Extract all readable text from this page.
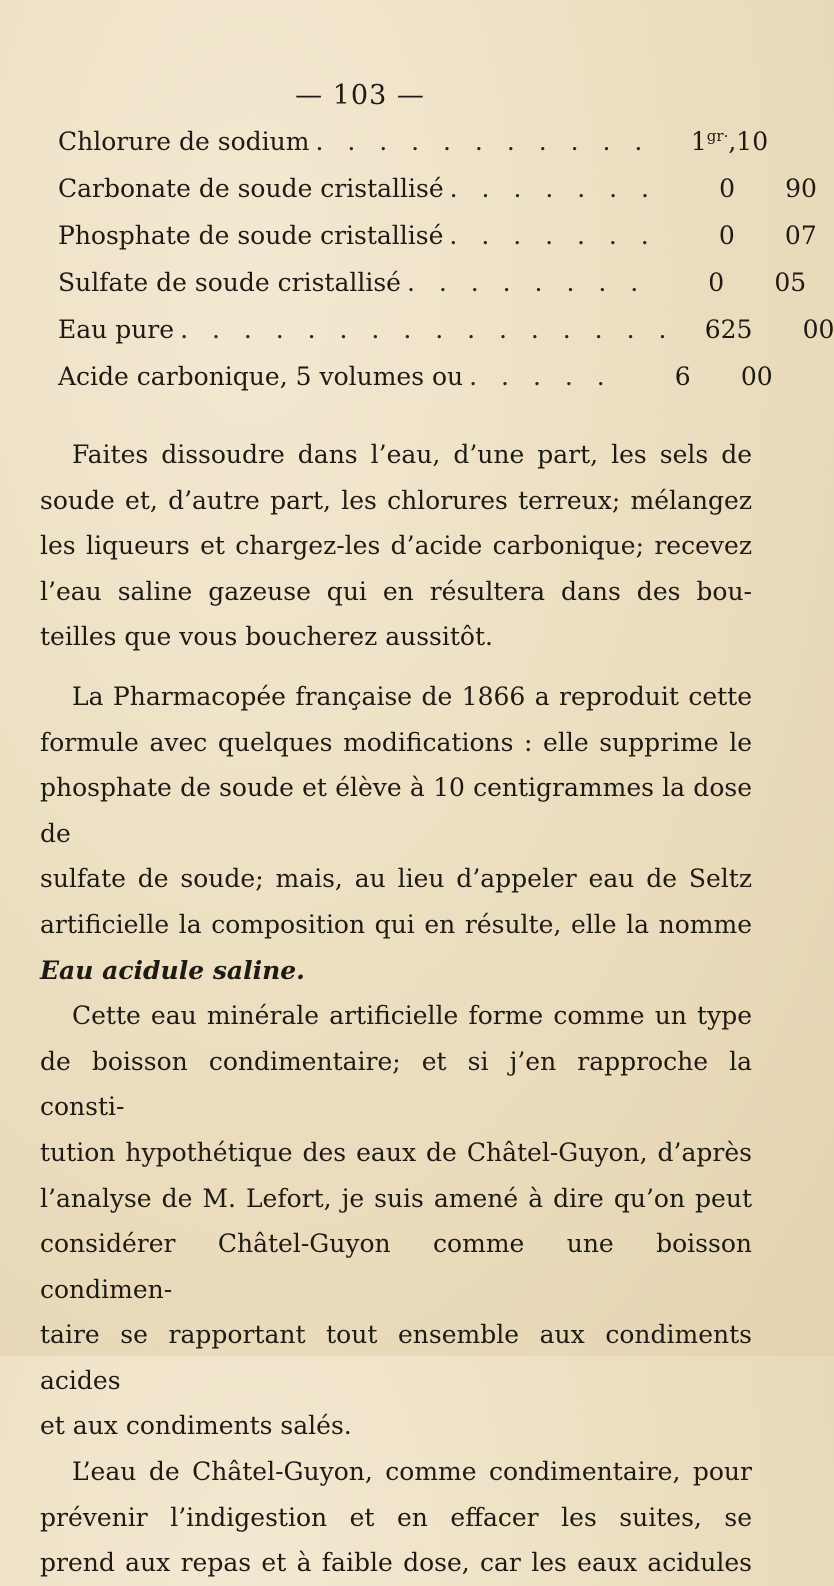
— 103 —
Chlorure de sodium . . . . . . . . . . .	$1^{gr\cdot}$ ,10
Carbonate de soude cristallisé . . . . . . .	0	90
Phosphate de soude cristallisé . . . . . . .	0	07
Sulfate de soude cristallisé . . . . . . . .	0	05
Eau pure . . . . . . . . . . . . . . . .	625	00
Acide carbonique, 5 volumes ou . . . . .	6	00
Faites dissoudre dans l’eau, d’une part, les sels de
soude et, d’autre part, les chlorures terreux; mélangez
les liqueurs et chargez-les d’acide carbonique; recevez
l’eau saline gazeuse qui en résultera dans des bou-
teilles que vous boucherez aussitôt.
La Pharmacopée française de 1866 a reproduit cette
formule avec quelques modifications : elle supprime le
phosphate de soude et élève à 10 centigrammes la dose de
sulfate de soude; mais, au lieu d’appeler eau de Seltz
artificielle la composition qui en résulte, elle la nomme
Eau acidule saline.
Cette eau minérale artificielle forme comme un type
de boisson condimentaire; et si j’en rapproche la consti-
tution hypothétique des eaux de Châtel-Guyon, d’après
l’analyse de M. Lefort, je suis amené à dire qu’on peut
considérer Châtel-Guyon comme une boisson condimen-
taire se rapportant tout ensemble aux condiments acides
et aux condiments salés.
L’eau de Châtel-Guyon, comme condimentaire, pour
prévenir l’indigestion et en effacer les suites, se
prend aux repas et à faible dose, car les eaux acidules
